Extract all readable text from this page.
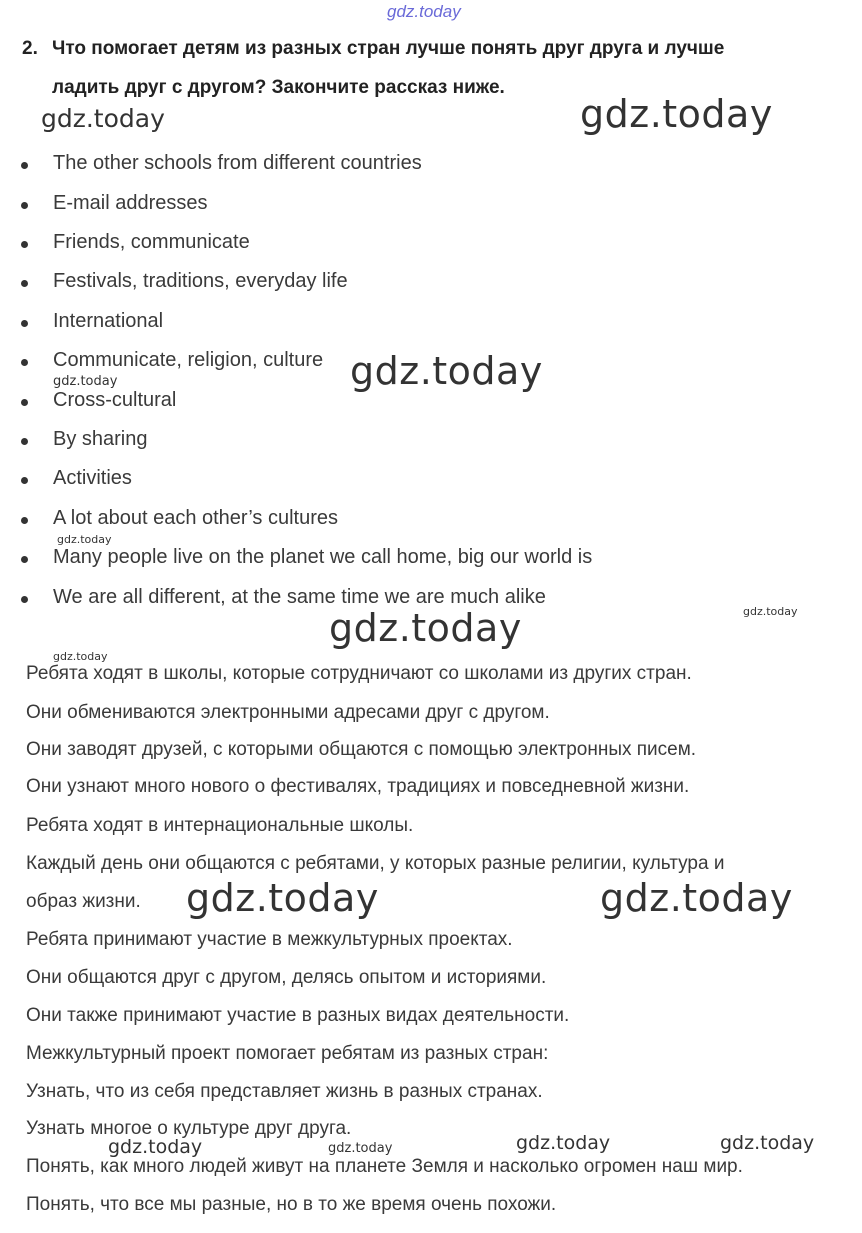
gdz.today
2. Что помогает детям из разных стран лучше понять друг друга и лучше
ладить друг с другом? Закончите рассказ ниже.
The other schools from different countries
E-mail addresses
Friends, communicate
Festivals, traditions, everyday life
International
Communicate, religion, culture
Cross-cultural
By sharing
Activities
A lot about each other’s cultures
Many people live on the planet we call home, big our world is
We are all different, at the same time we are much alike
Ребята ходят в школы, которые сотрудничают со школами из других стран.
Они обмениваются электронными адресами друг с другом.
Они заводят друзей, с которыми общаются с помощью электронных писем.
Они узнают много нового о фестивалях, традициях и повседневной жизни.
Ребята ходят в интернациональные школы.
Каждый день они общаются с ребятами, у которых разные религии, культура и
образ жизни.
Ребята принимают участие в межкультурных проектах.
Они общаются друг с другом, делясь опытом и историями.
Они также принимают участие в разных видах деятельности.
Межкультурный проект помогает ребятам из разных стран:
Узнать, что из себя представляет жизнь в разных странах.
Узнать многое о культуре друг друга.
Понять, как много людей живут на планете Земля и насколько огромен наш мир.
Понять, что все мы разные, но в то же время очень похожи.
gdz.today	gdz.today
gdz.today
gdz.today
gdz.today
gdz.today
gdz.today
gdz.today
gdz.today	gdz.today
gdz.today	gdz.today	gdz.today
gdz.today
